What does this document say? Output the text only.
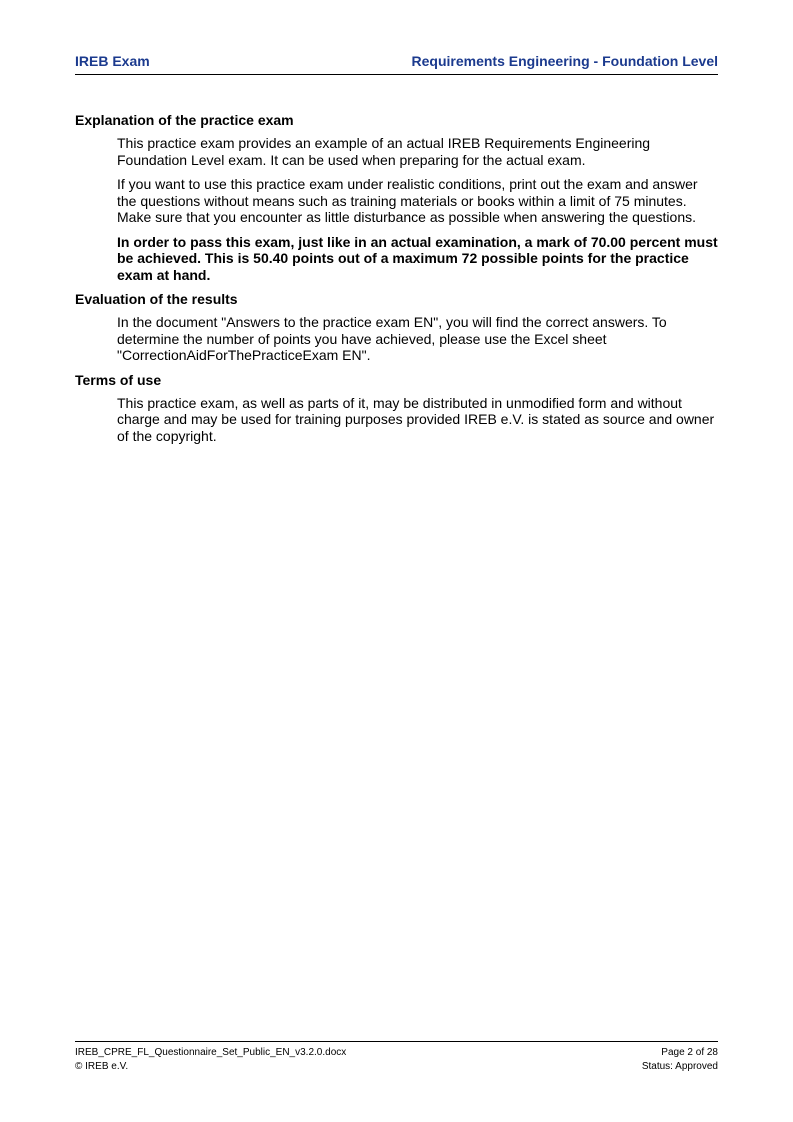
IREB Exam	Requirements Engineering - Foundation Level

Explanation of the practice exam

This practice exam provides an example of an actual IREB Requirements Engineering Foundation Level exam. It can be used when preparing for the actual exam.

If you want to use this practice exam under realistic conditions, print out the exam and answer the questions without means such as training materials or books within a limit of 75 minutes. Make sure that you encounter as little disturbance as possible when answering the questions.

In order to pass this exam, just like in an actual examination, a mark of 70.00 percent must be achieved. This is 50.40 points out of a maximum 72 possible points for the practice exam at hand.

Evaluation of the results

In the document "Answers to the practice exam EN", you will find the correct answers. To determine the number of points you have achieved, please use the Excel sheet "CorrectionAidForThePracticeExam EN".

Terms of use

This practice exam, as well as parts of it, may be distributed in unmodified form and without charge and may be used for training purposes provided IREB e.V. is stated as source and owner of the copyright.

IREB_CPRE_FL_Questionnaire_Set_Public_EN_v3.2.0.docx	Page 2 of 28
© IREB e.V.	Status: Approved
